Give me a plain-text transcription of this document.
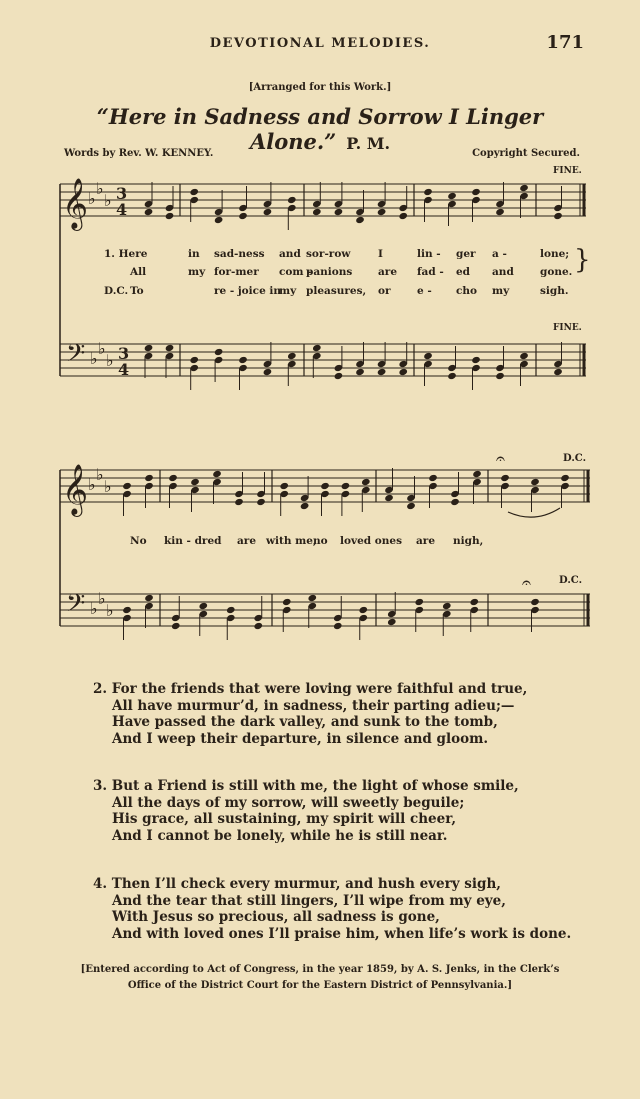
DEVOTIONAL MELODIES.	171
[Arranged for this Work.]
“Here in Sadness and Sorrow I Linger Alone.” P. M.
Words by Rev. W. KENNEY.	Copyright Secured.
𝄞
𝄢
♭
♭
♭
♭
♭
♭
3
4
3
4
𝄞
𝄢
♭
♭
♭
♭
♭
♭
𝄐
𝄐
FINE.
FINE.
D.C.
D.C.
1. Here	in sad-ness and sor-row	I	lin - ger a -	lone;
All	my for-mer com -
panions are fad - ed and gone.
D.C. To	re - joice in
my pleasures, or	e - cho my	sigh.
}
No kin - dred are with me,
no loved ones are nigh,
2. For the friends that were loving were faithful and true,
All have murmur’d, in sadness, their parting adieu;—
Have passed the dark valley, and sunk to the tomb,
And I weep their departure, in silence and gloom.
3. But a Friend is still with me, the light of whose smile,
All the days of my sorrow, will sweetly beguile;
His grace, all sustaining, my spirit will cheer,
And I cannot be lonely, while he is still near.
4. Then I’ll check every murmur, and hush every sigh,
And the tear that still lingers, I’ll wipe from my eye,
With Jesus so precious, all sadness is gone,
And with loved ones I’ll praise him, when life’s work is done.
[Entered according to Act of Congress, in the year 1859, by A. S. Jenks, in the Clerk’s
Office of the District Court for the Eastern District of Pennsylvania.]
